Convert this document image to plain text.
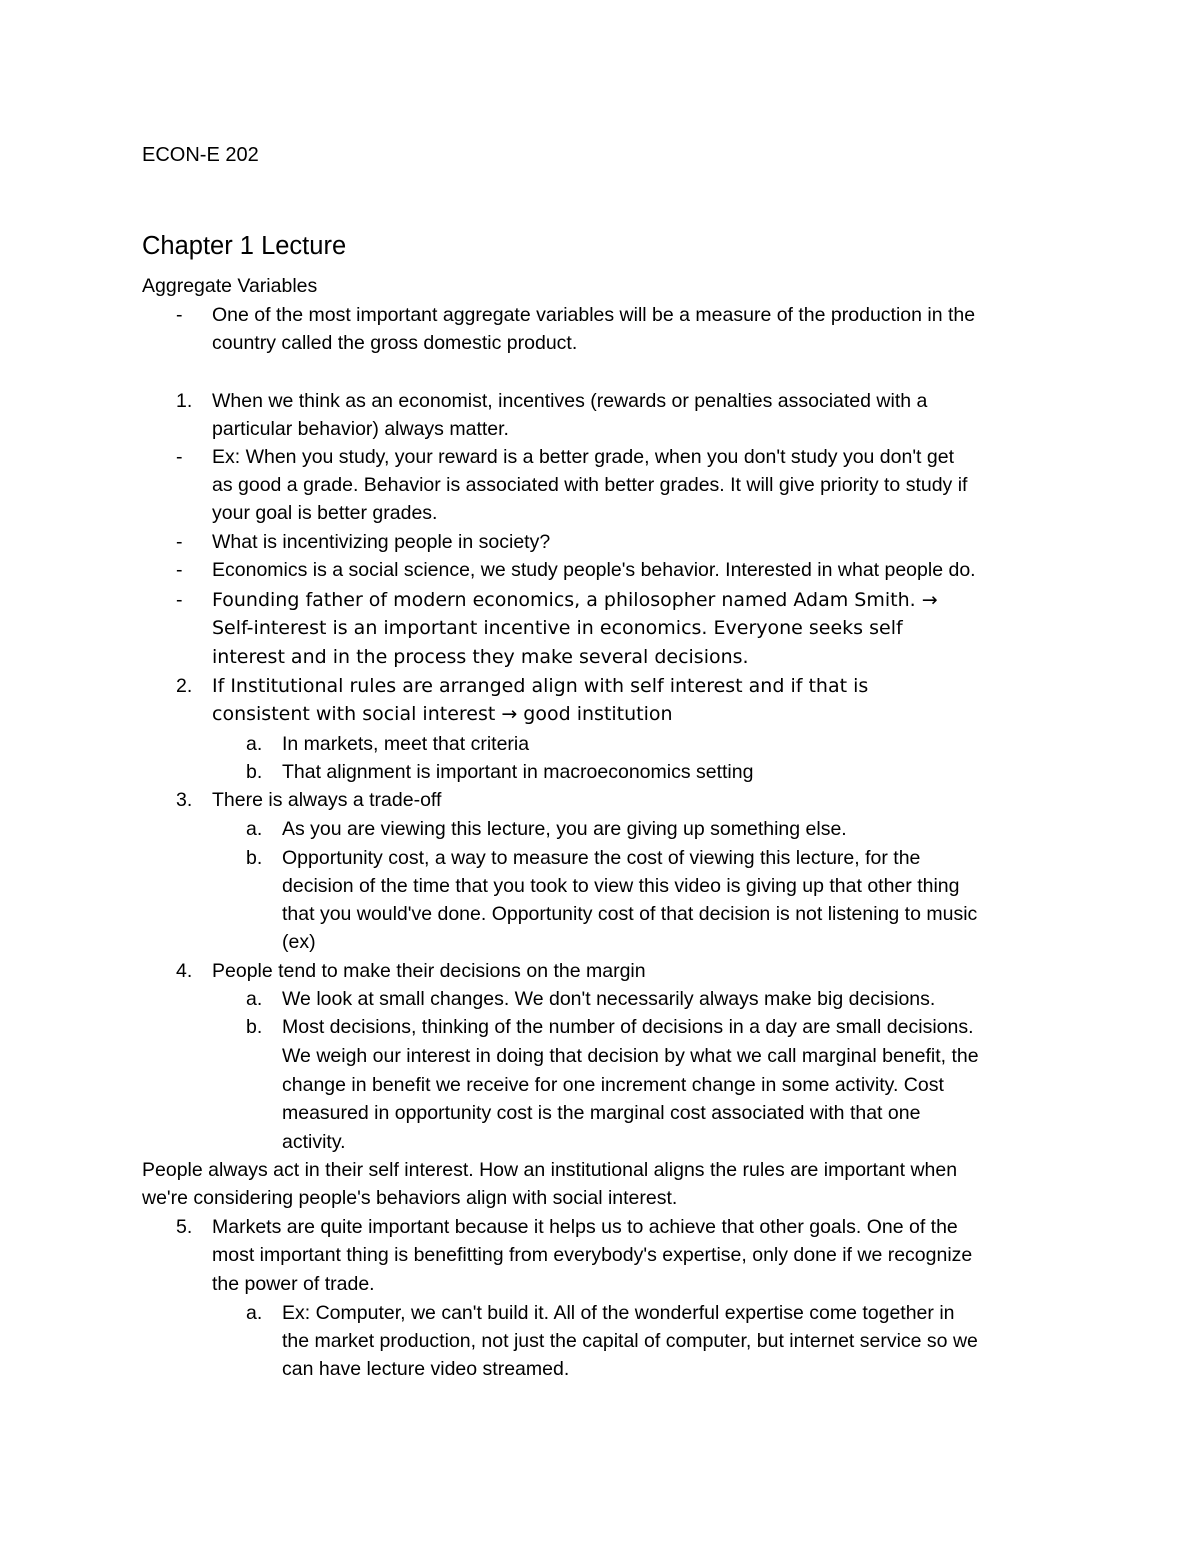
ECON-E 202
Chapter 1 Lecture
Aggregate Variables
- One of the most important aggregate variables will be a measure of the production in the
country called the gross domestic product.
1. When we think as an economist, incentives (rewards or penalties associated with a
particular behavior) always matter.
- Ex: When you study, your reward is a better grade, when you don't study you don't get
as good a grade. Behavior is associated with better grades. It will give priority to study if
your goal is better grades.
- What is incentivizing people in society?
- Economics is a social science, we study people's behavior. Interested in what people do.
- Founding father of modern economics, a philosopher named Adam Smith. →
Self-interest is an important incentive in economics. Everyone seeks self
interest and in the process they make several decisions.
2. If Institutional rules are arranged align with self interest and if that is
consistent with social interest → good institution
a. In markets, meet that criteria
b. That alignment is important in macroeconomics setting
3. There is always a trade-off
a. As you are viewing this lecture, you are giving up something else.
b. Opportunity cost, a way to measure the cost of viewing this lecture, for the
decision of the time that you took to view this video is giving up that other thing
that you would've done. Opportunity cost of that decision is not listening to music
(ex)
4. People tend to make their decisions on the margin
a. We look at small changes. We don't necessarily always make big decisions.
b. Most decisions, thinking of the number of decisions in a day are small decisions.
We weigh our interest in doing that decision by what we call marginal benefit, the
change in benefit we receive for one increment change in some activity. Cost
measured in opportunity cost is the marginal cost associated with that one
activity.
People always act in their self interest. How an institutional aligns the rules are important when
we're considering people's behaviors align with social interest.
5. Markets are quite important because it helps us to achieve that other goals. One of the
most important thing is benefitting from everybody's expertise, only done if we recognize
the power of trade.
a. Ex: Computer, we can't build it. All of the wonderful expertise come together in
the market production, not just the capital of computer, but internet service so we
can have lecture video streamed.
